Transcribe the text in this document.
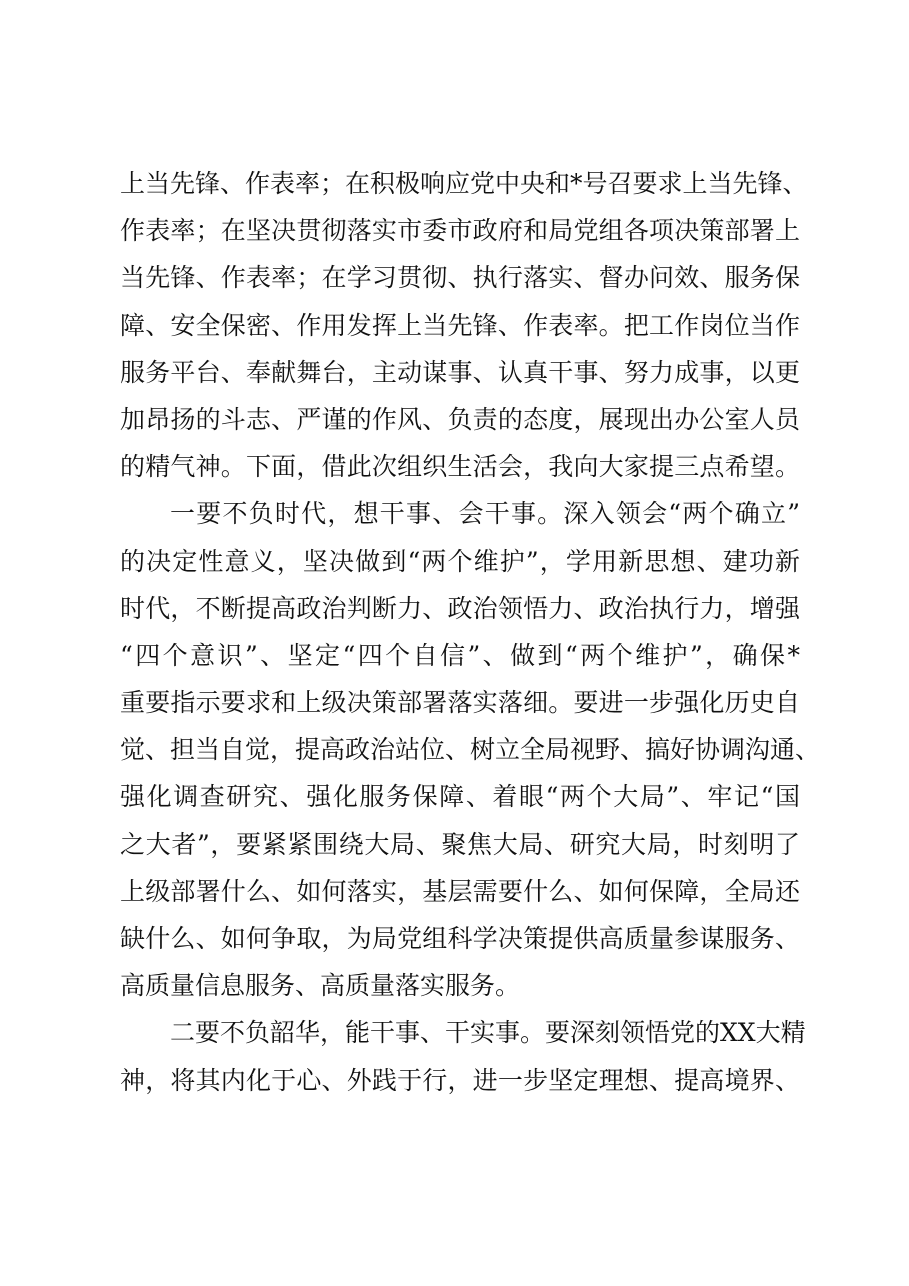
上当先锋、作表率；在积极响应党中央和*号召要求上当先锋、
作表率；在坚决贯彻落实市委市政府和局党组各项决策部署上
当先锋、作表率；在学习贯彻、执行落实、督办问效、服务保
障、安全保密、作用发挥上当先锋、作表率。把工作岗位当作
服务平台、奉献舞台，主动谋事、认真干事、努力成事，以更
加昂扬的斗志、严谨的作风、负责的态度，展现出办公室人员
的精气神。下面，借此次组织生活会，我向大家提三点希望。
一要不负时代，想干事、会干事。深入领会“两个确立”
的决定性意义，坚决做到“两个维护”，学用新思想、建功新
时代，不断提高政治判断力、政治领悟力、政治执行力，增强
“四个意识”、坚定“四个自信”、做到“两个维护”，确保*
重要指示要求和上级决策部署落实落细。要进一步强化历史自
觉、担当自觉，提高政治站位、树立全局视野、搞好协调沟通、
强化调查研究、强化服务保障、着眼“两个大局”、牢记“国
之大者”，要紧紧围绕大局、聚焦大局、研究大局，时刻明了
上级部署什么、如何落实，基层需要什么、如何保障，全局还
缺什么、如何争取，为局党组科学决策提供高质量参谋服务、
高质量信息服务、高质量落实服务。
二要不负韶华，能干事、干实事。要深刻领悟党的XX大精
神，将其内化于心、外践于行，进一步坚定理想、提高境界、
